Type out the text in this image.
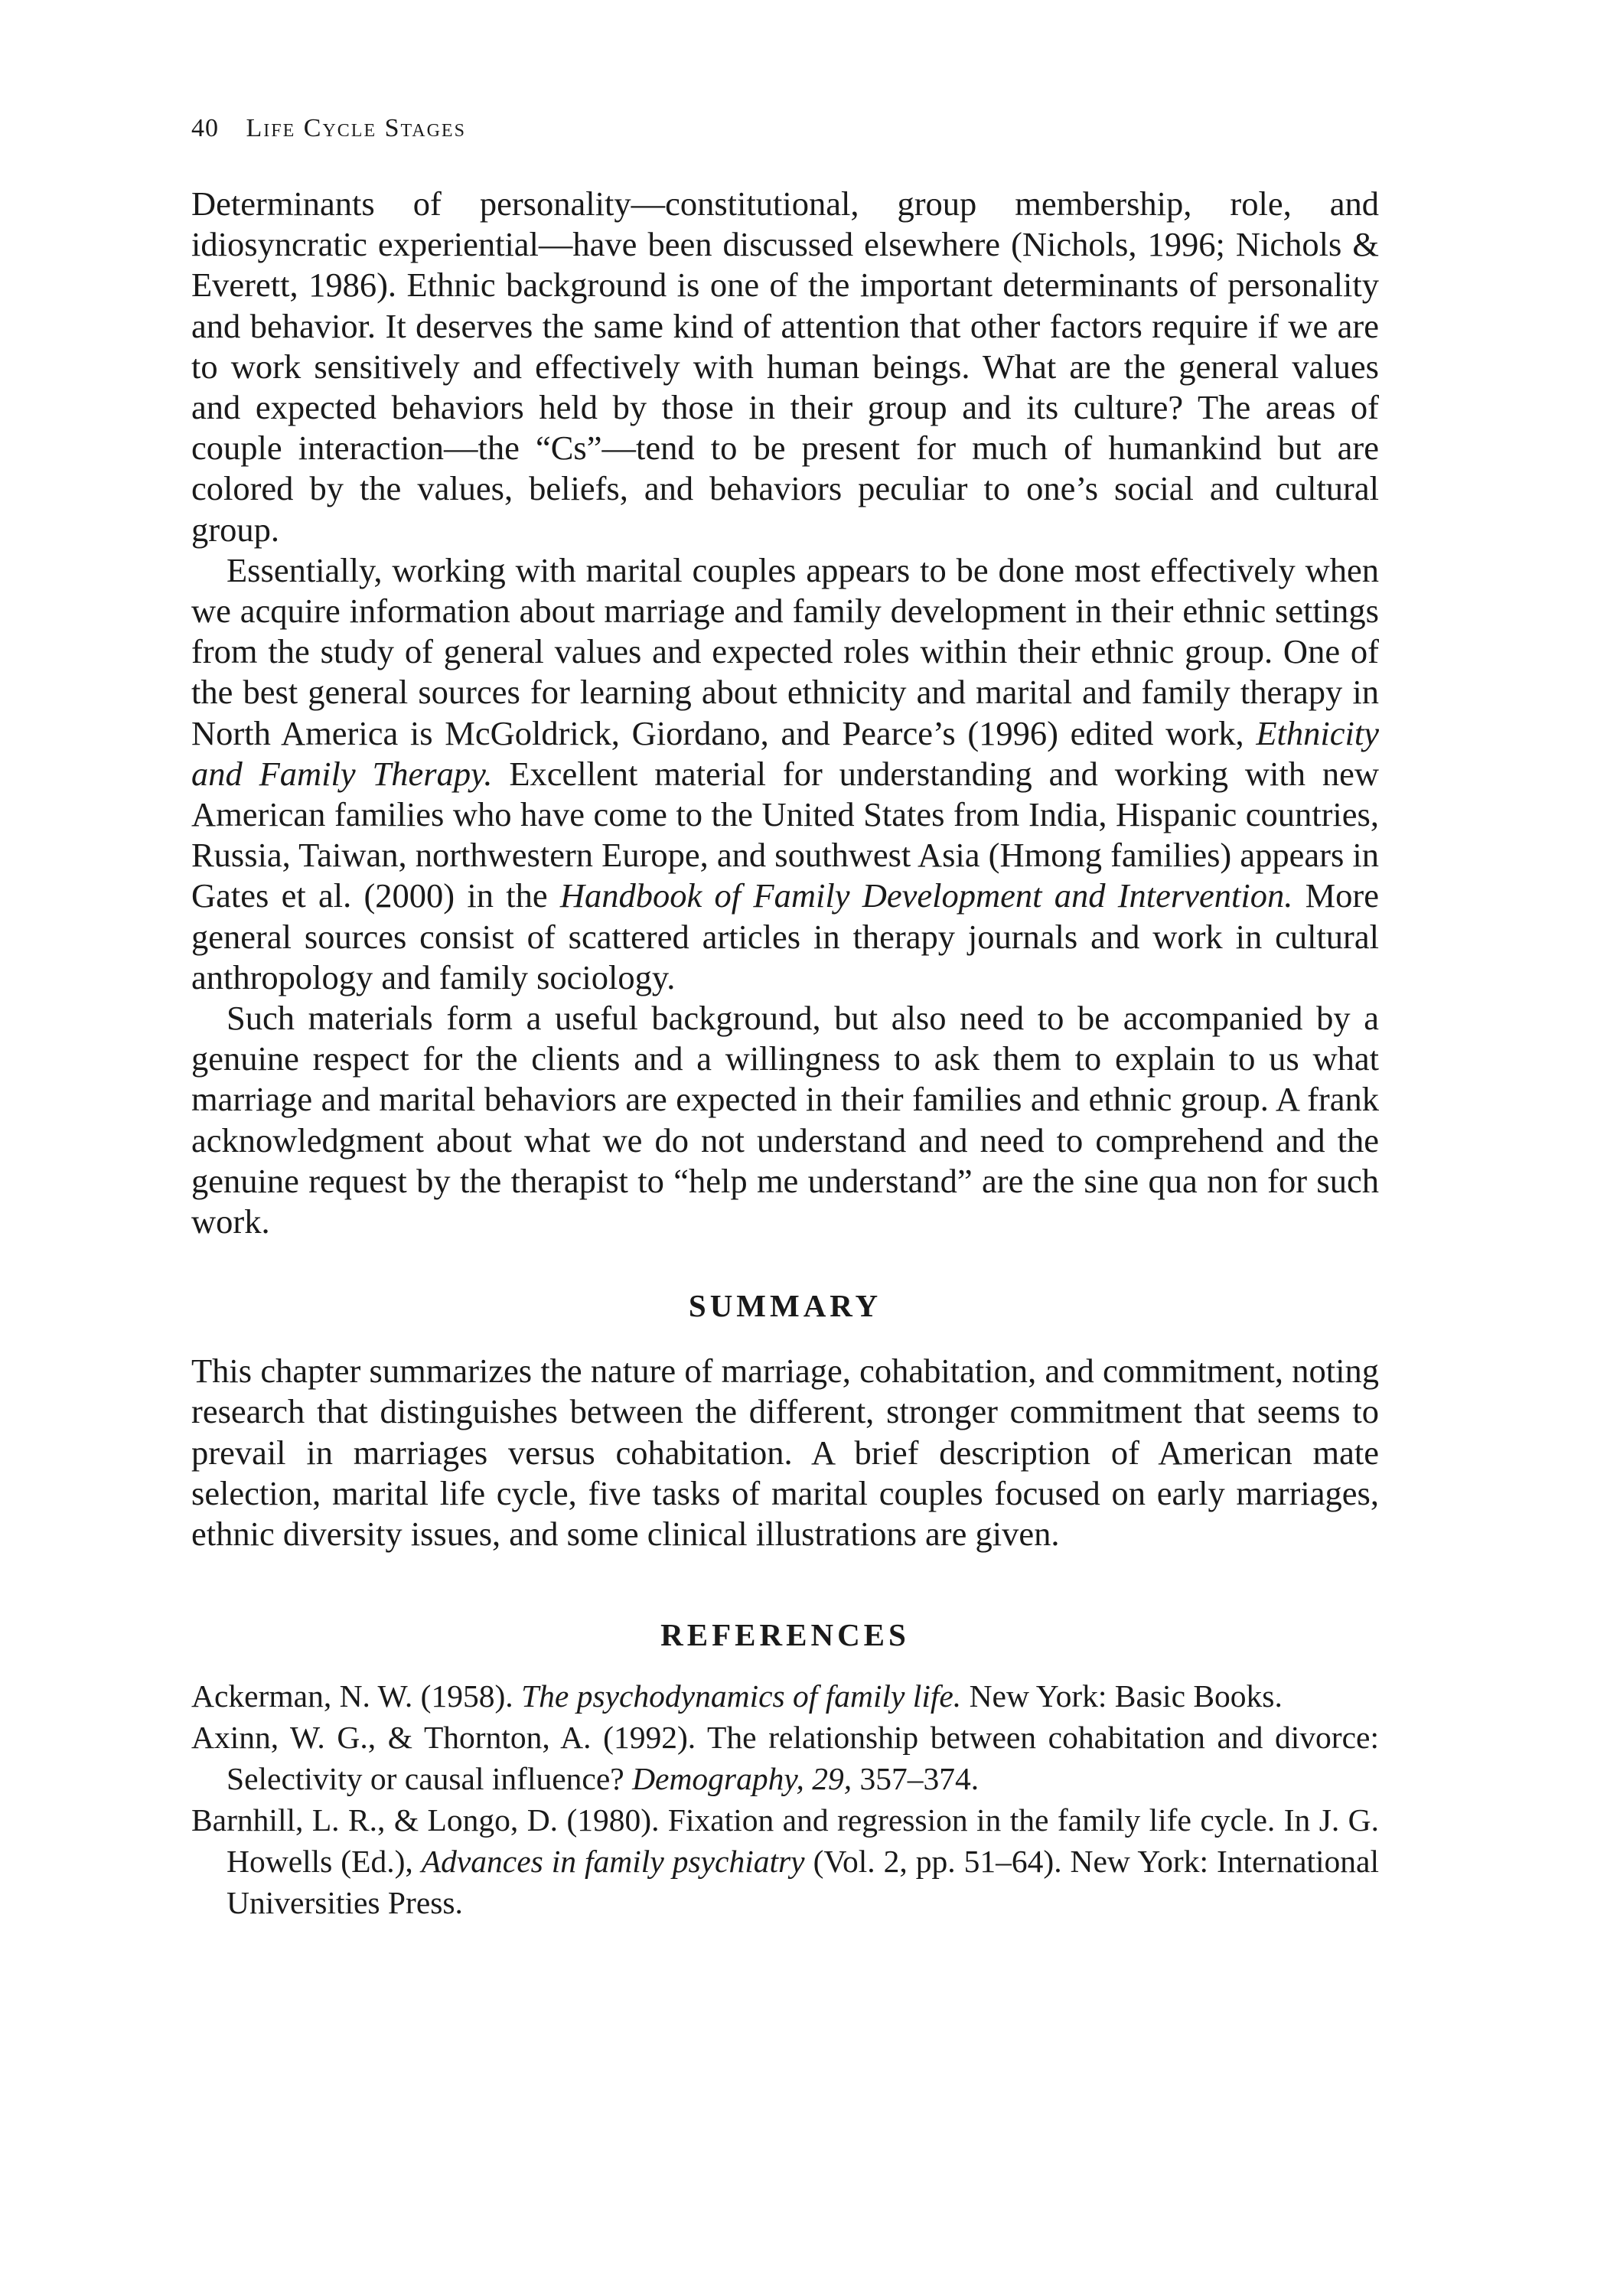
40 Life Cycle Stages

Determinants of personality—constitutional, group membership, role, and idiosyncratic experiential—have been discussed elsewhere (Nichols, 1996; Nichols & Everett, 1986). Ethnic background is one of the important determinants of personality and behavior. It deserves the same kind of attention that other factors require if we are to work sensitively and effectively with human beings. What are the general values and expected behaviors held by those in their group and its culture? The areas of couple interaction—the “Cs”—tend to be present for much of humankind but are colored by the values, beliefs, and behaviors peculiar to one’s social and cultural group.

Essentially, working with marital couples appears to be done most effectively when we acquire information about marriage and family development in their ethnic settings from the study of general values and expected roles within their ethnic group. One of the best general sources for learning about ethnicity and marital and family therapy in North America is McGoldrick, Giordano, and Pearce’s (1996) edited work, Ethnicity and Family Therapy. Excellent material for understanding and working with new American families who have come to the United States from India, Hispanic countries, Russia, Taiwan, northwestern Europe, and southwest Asia (Hmong families) appears in Gates et al. (2000) in the Handbook of Family Development and Intervention. More general sources consist of scattered articles in therapy journals and work in cultural anthropology and family sociology.

Such materials form a useful background, but also need to be accompanied by a genuine respect for the clients and a willingness to ask them to explain to us what marriage and marital behaviors are expected in their families and ethnic group. A frank acknowledgment about what we do not understand and need to comprehend and the genuine request by the therapist to “help me understand” are the sine qua non for such work.

SUMMARY

This chapter summarizes the nature of marriage, cohabitation, and commitment, noting research that distinguishes between the different, stronger commitment that seems to prevail in marriages versus cohabitation. A brief description of American mate selection, marital life cycle, five tasks of marital couples focused on early marriages, ethnic diversity issues, and some clinical illustrations are given.

REFERENCES

Ackerman, N. W. (1958). The psychodynamics of family life. New York: Basic Books.

Axinn, W. G., & Thornton, A. (1992). The relationship between cohabitation and divorce: Selectivity or causal influence? Demography, 29, 357–374.

Barnhill, L. R., & Longo, D. (1980). Fixation and regression in the family life cycle. In J. G. Howells (Ed.), Advances in family psychiatry (Vol. 2, pp. 51–64). New York: International Universities Press.
